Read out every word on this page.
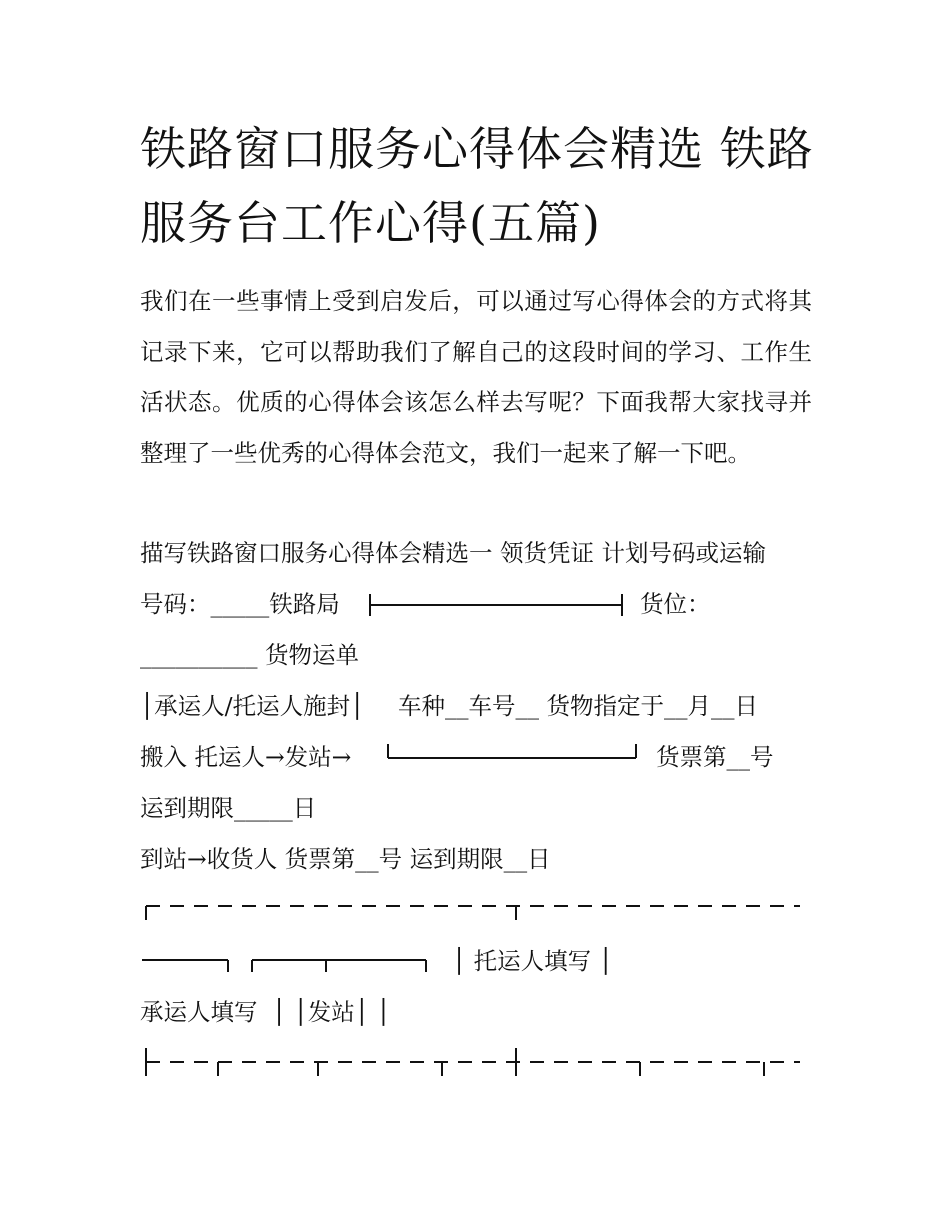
铁路窗口服务心得体会精选 铁路服务台工作心得(五篇)

我们在一些事情上受到启发后，可以通过写心得体会的方式将其记录下来，它可以帮助我们了解自己的这段时间的学习、工作生活状态。优质的心得体会该怎么样去写呢？下面我帮大家找寻并整理了一些优秀的心得体会范文，我们一起来了解一下吧。

描写铁路窗口服务心得体会精选一 领货凭证 计划号码或运输
号码：_____铁路局	货位：
__________ 货物运单
│承运人/托运人施封│ 车种__车号__ 货物指定于__月__日
搬入 托运人→发站→	货票第__号
运到期限_____日
到站→收货人 货票第__号 运到期限__日
│ 托运人填写 │
承运人填写 │ │发站│ │
